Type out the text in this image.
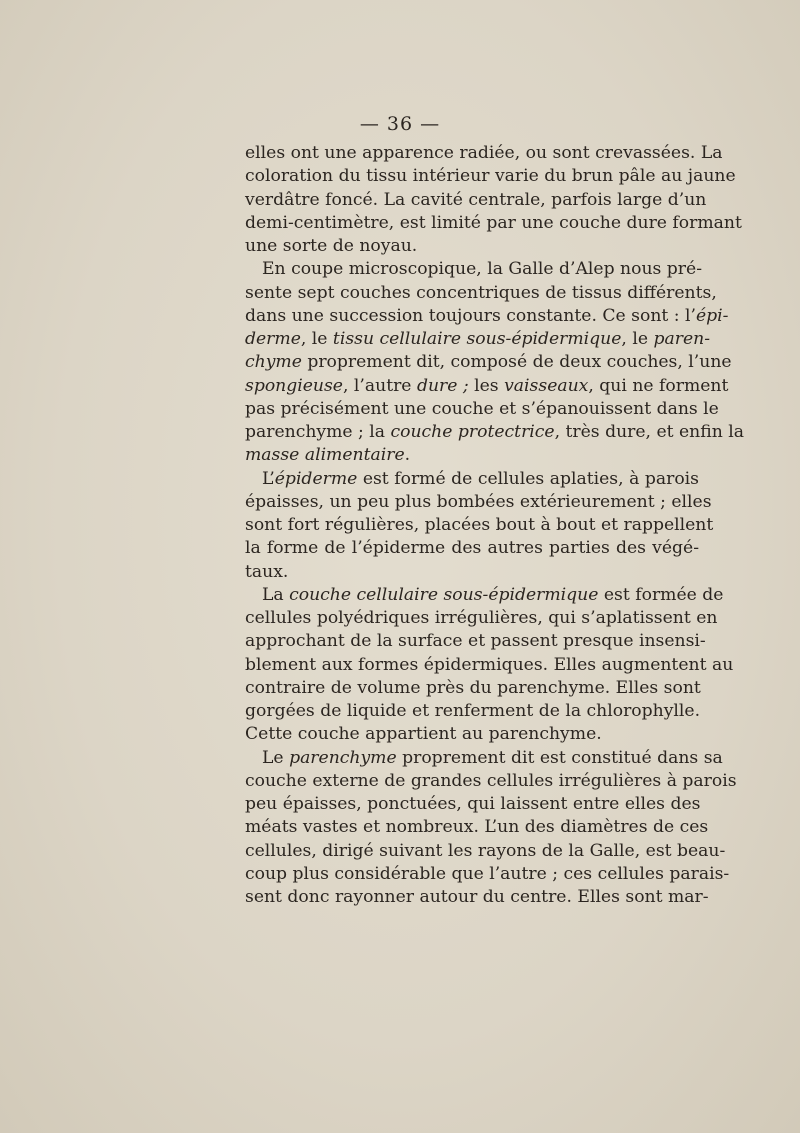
— 36 —
elles ont une apparence radiée, ou sont crevassées. La
coloration du tissu intérieur varie du brun pâle au jaune
verdâtre foncé. La cavité centrale, parfois large d’un
demi-centimètre, est limité par une couche dure formant
une sorte de noyau.
En coupe microscopique, la Galle d’Alep nous pré-
sente sept couches concentriques de tissus différents,
dans une succession toujours constante. Ce sont : l’épi-
derme, le tissu cellulaire sous-épidermique, le paren-
chyme proprement dit, composé de deux couches, l’une
spongieuse, l’autre dure ; les vaisseaux, qui ne forment
pas précisément une couche et s’épanouissent dans le
parenchyme ; la couche protectrice, très dure, et enfin la
masse alimentaire.
L’épiderme est formé de cellules aplaties, à parois
épaisses, un peu plus bombées extérieurement ; elles
sont fort régulières, placées bout à bout et rappellent
la forme de l’épiderme des autres parties des végé-
taux.
La couche cellulaire sous-épidermique est formée de
cellules polyédriques irrégulières, qui s’aplatissent en
approchant de la surface et passent presque insensi-
blement aux formes épidermiques. Elles augmentent au
contraire de volume près du parenchyme. Elles sont
gorgées de liquide et renferment de la chlorophylle.
Cette couche appartient au parenchyme.
Le parenchyme proprement dit est constitué dans sa
couche externe de grandes cellules irrégulières à parois
peu épaisses, ponctuées, qui laissent entre elles des
méats vastes et nombreux. L’un des diamètres de ces
cellules, dirigé suivant les rayons de la Galle, est beau-
coup plus considérable que l’autre ; ces cellules parais-
sent donc rayonner autour du centre. Elles sont mar-
